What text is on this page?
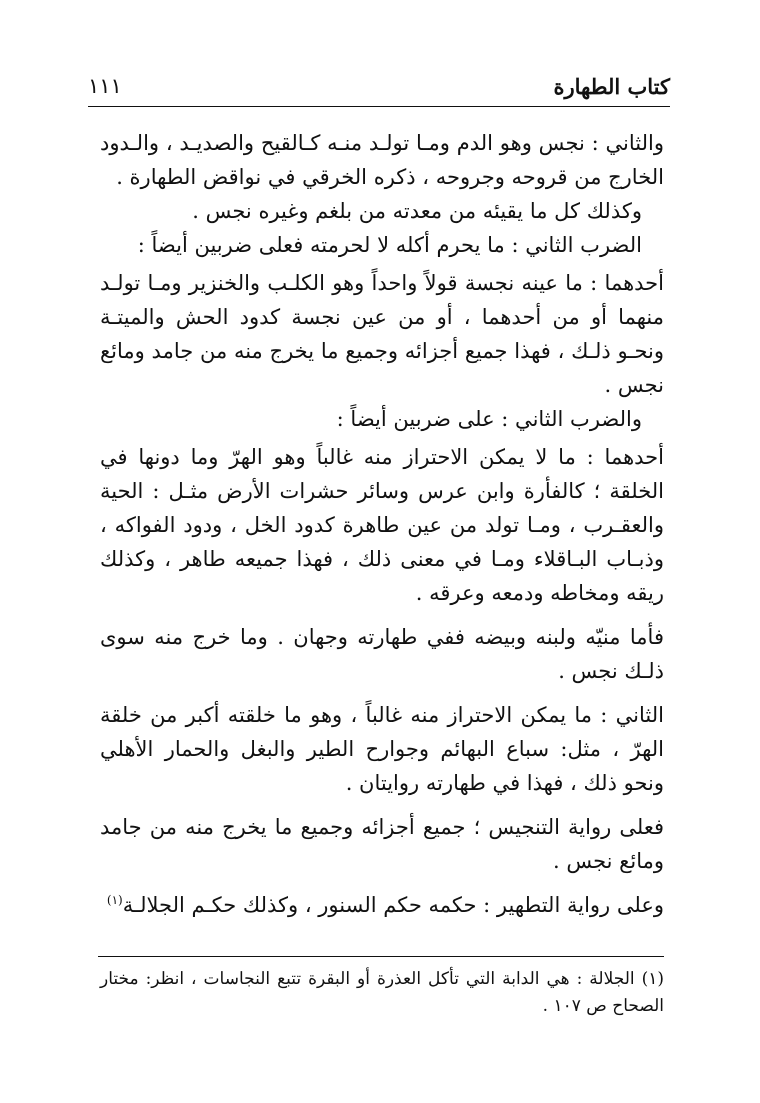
كتاب الطهارة
١١١

والثاني : نجس وهو الدم ومـا تولـد منـه كـالقيح والصديـد ، والـدود الخارج من قروحه وجروحه ، ذكره الخرقي في نواقض الطهارة .

وكذلك كل ما يقيئه من معدته من بلغم وغيره نجس .

الضرب الثاني : ما يحرم أكله لا لحرمته فعلى ضربين أيضاً :

أحدهما : ما عينه نجسة قولاً واحداً وهو الكلـب والخنزير ومـا تولـد منهما أو من أحدهما ، أو من عين نجسة كدود الحش والميتـة ونحـو ذلـك ، فهذا جميع أجزائه وجميع ما يخرج منه من جامد ومائع نجس .

والضرب الثاني : على ضربين أيضاً :

أحدهما : ما لا يمكن الاحتراز منه غالباً وهو الهرّ وما دونها في الخلقة ؛ كالفأرة وابن عرس وسائر حشرات الأرض مثـل : الحية والعقـرب ، ومـا تولد من عين طاهرة كدود الخل ، ودود الفواكه ، وذبـاب البـاقلاء ومـا في معنى ذلك ، فهذا جميعه طاهر ، وكذلك ريقه ومخاطه ودمعه وعرقه .

فأما منيّه ولبنه وبيضه ففي طهارته وجهان . وما خرج منه سوى ذلـك نجس .

الثاني : ما يمكن الاحتراز منه غالباً ، وهو ما خلقته أكبر من خلقة الهرّ ، مثل: سباع البهائم وجوارح الطير والبغل والحمار الأهلي ونحو ذلك ، فهذا في طهارته روايتان .

فعلى رواية التنجيس ؛ جميع أجزائه وجميع ما يخرج منه من جامد ومائع نجس .

وعلى رواية التطهير : حكمه حكم السنور ، وكذلك حكـم الجلالـة$^{(١)}$

(١) الجلالة : هي الدابة التي تأكل العذرة أو البقرة تتبع النجاسات ، انظر: مختار الصحاح ص ١٠٧ .
